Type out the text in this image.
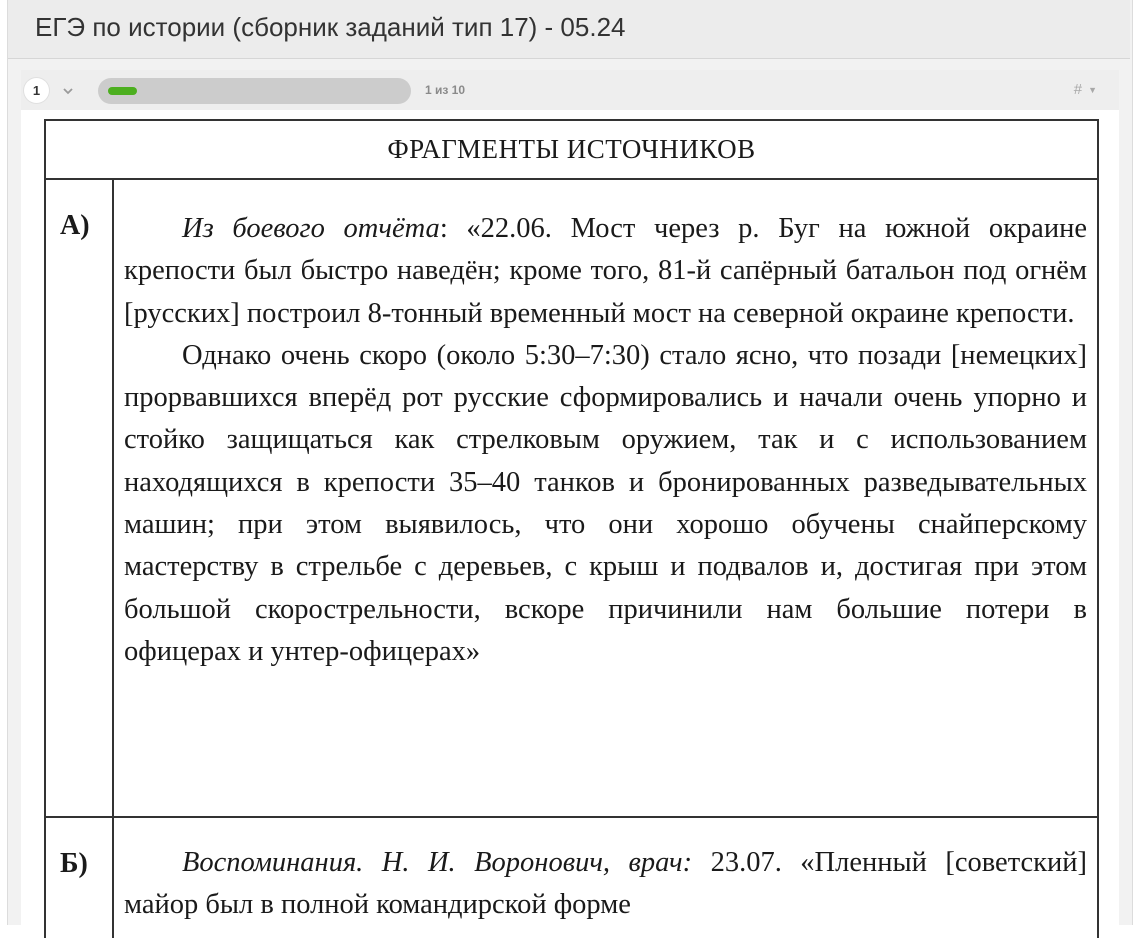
ЕГЭ по истории (сборник заданий тип 17) - 05.24
1	1 из 10	# ▼
ФРАГМЕНТЫ ИСТОЧНИКОВ
А)	Из боевого отчёта: «22.06. Мост через р. Буг на южной окраине крепости был быстро наведён; кроме того, 81-й сапёрный батальон под огнём [русских] построил 8-тонный временный мост на северной окраине крепости.

Однако очень скоро (около 5:30–7:30) стало ясно, что позади [немецких] прорвавшихся вперёд рот русские сформировались и начали очень упорно и стойко защищаться как стрелковым оружием, так и с использованием находящихся в крепости 35–40 танков и бронированных разведывательных машин; при этом выявилось, что они хорошо обучены снайперскому мастерству в стрельбе с деревьев, с крыш и подвалов и, достигая при этом большой скорострельности, вскоре причинили нам большие потери в офицерах и унтер-офицерах»

Б)	Воспоминания. Н. И. Воронович, врач: 23.07. «Пленный [советский] майор был в полной командирской форме
